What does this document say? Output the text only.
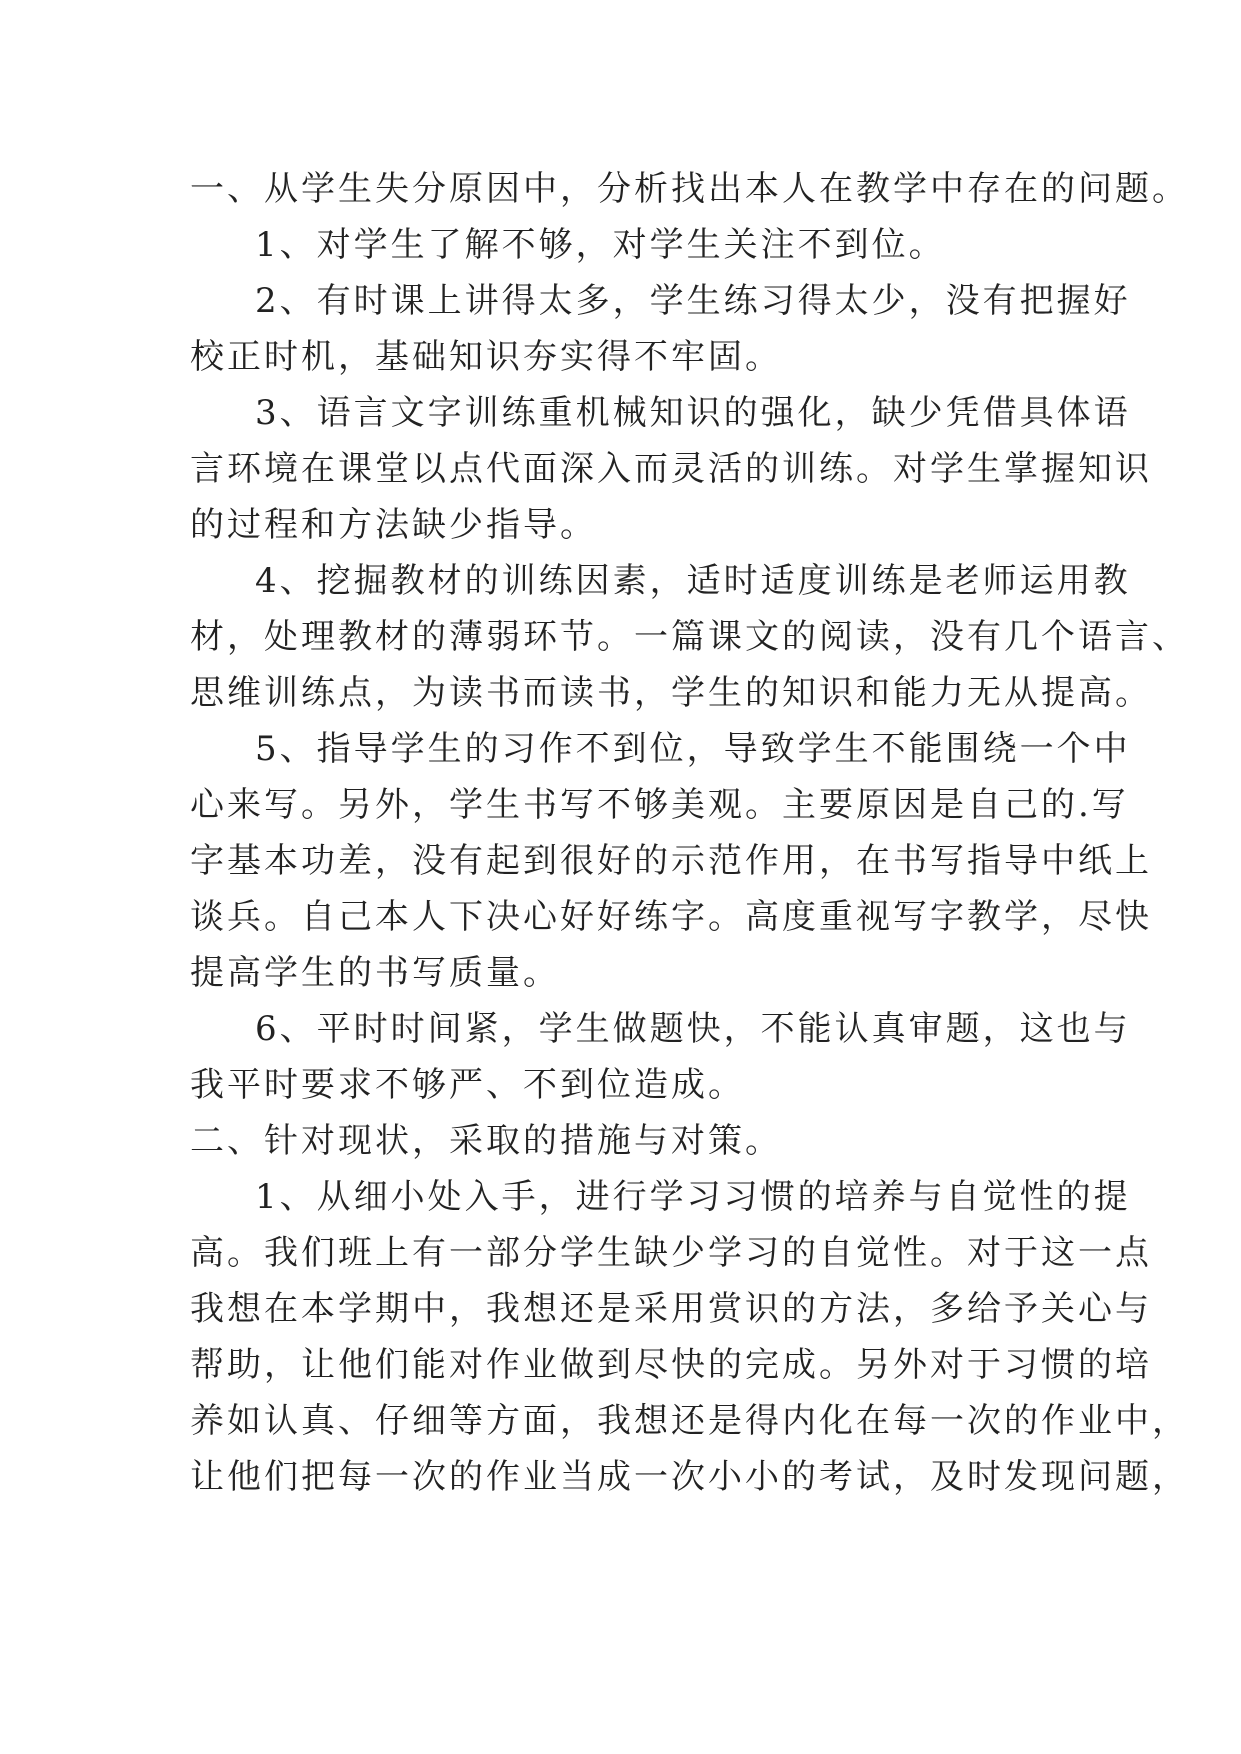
一、从学生失分原因中，分析找出本人在教学中存在的问题。
1、对学生了解不够，对学生关注不到位。
2、有时课上讲得太多，学生练习得太少，没有把握好
校正时机，基础知识夯实得不牢固。
3、语言文字训练重机械知识的强化，缺少凭借具体语
言环境在课堂以点代面深入而灵活的训练。对学生掌握知识
的过程和方法缺少指导。
4、挖掘教材的训练因素，适时适度训练是老师运用教
材，处理教材的薄弱环节。一篇课文的阅读，没有几个语言、
思维训练点，为读书而读书，学生的知识和能力无从提高。
5、指导学生的习作不到位，导致学生不能围绕一个中
心来写。另外，学生书写不够美观。主要原因是自己的.写
字基本功差，没有起到很好的示范作用，在书写指导中纸上
谈兵。自己本人下决心好好练字。高度重视写字教学，尽快
提高学生的书写质量。
6、平时时间紧，学生做题快，不能认真审题，这也与
我平时要求不够严、不到位造成。
二、针对现状，采取的措施与对策。
1、从细小处入手，进行学习习惯的培养与自觉性的提
高。我们班上有一部分学生缺少学习的自觉性。对于这一点
我想在本学期中，我想还是采用赏识的方法，多给予关心与
帮助，让他们能对作业做到尽快的完成。另外对于习惯的培
养如认真、仔细等方面，我想还是得内化在每一次的作业中，
让他们把每一次的作业当成一次小小的考试，及时发现问题，
